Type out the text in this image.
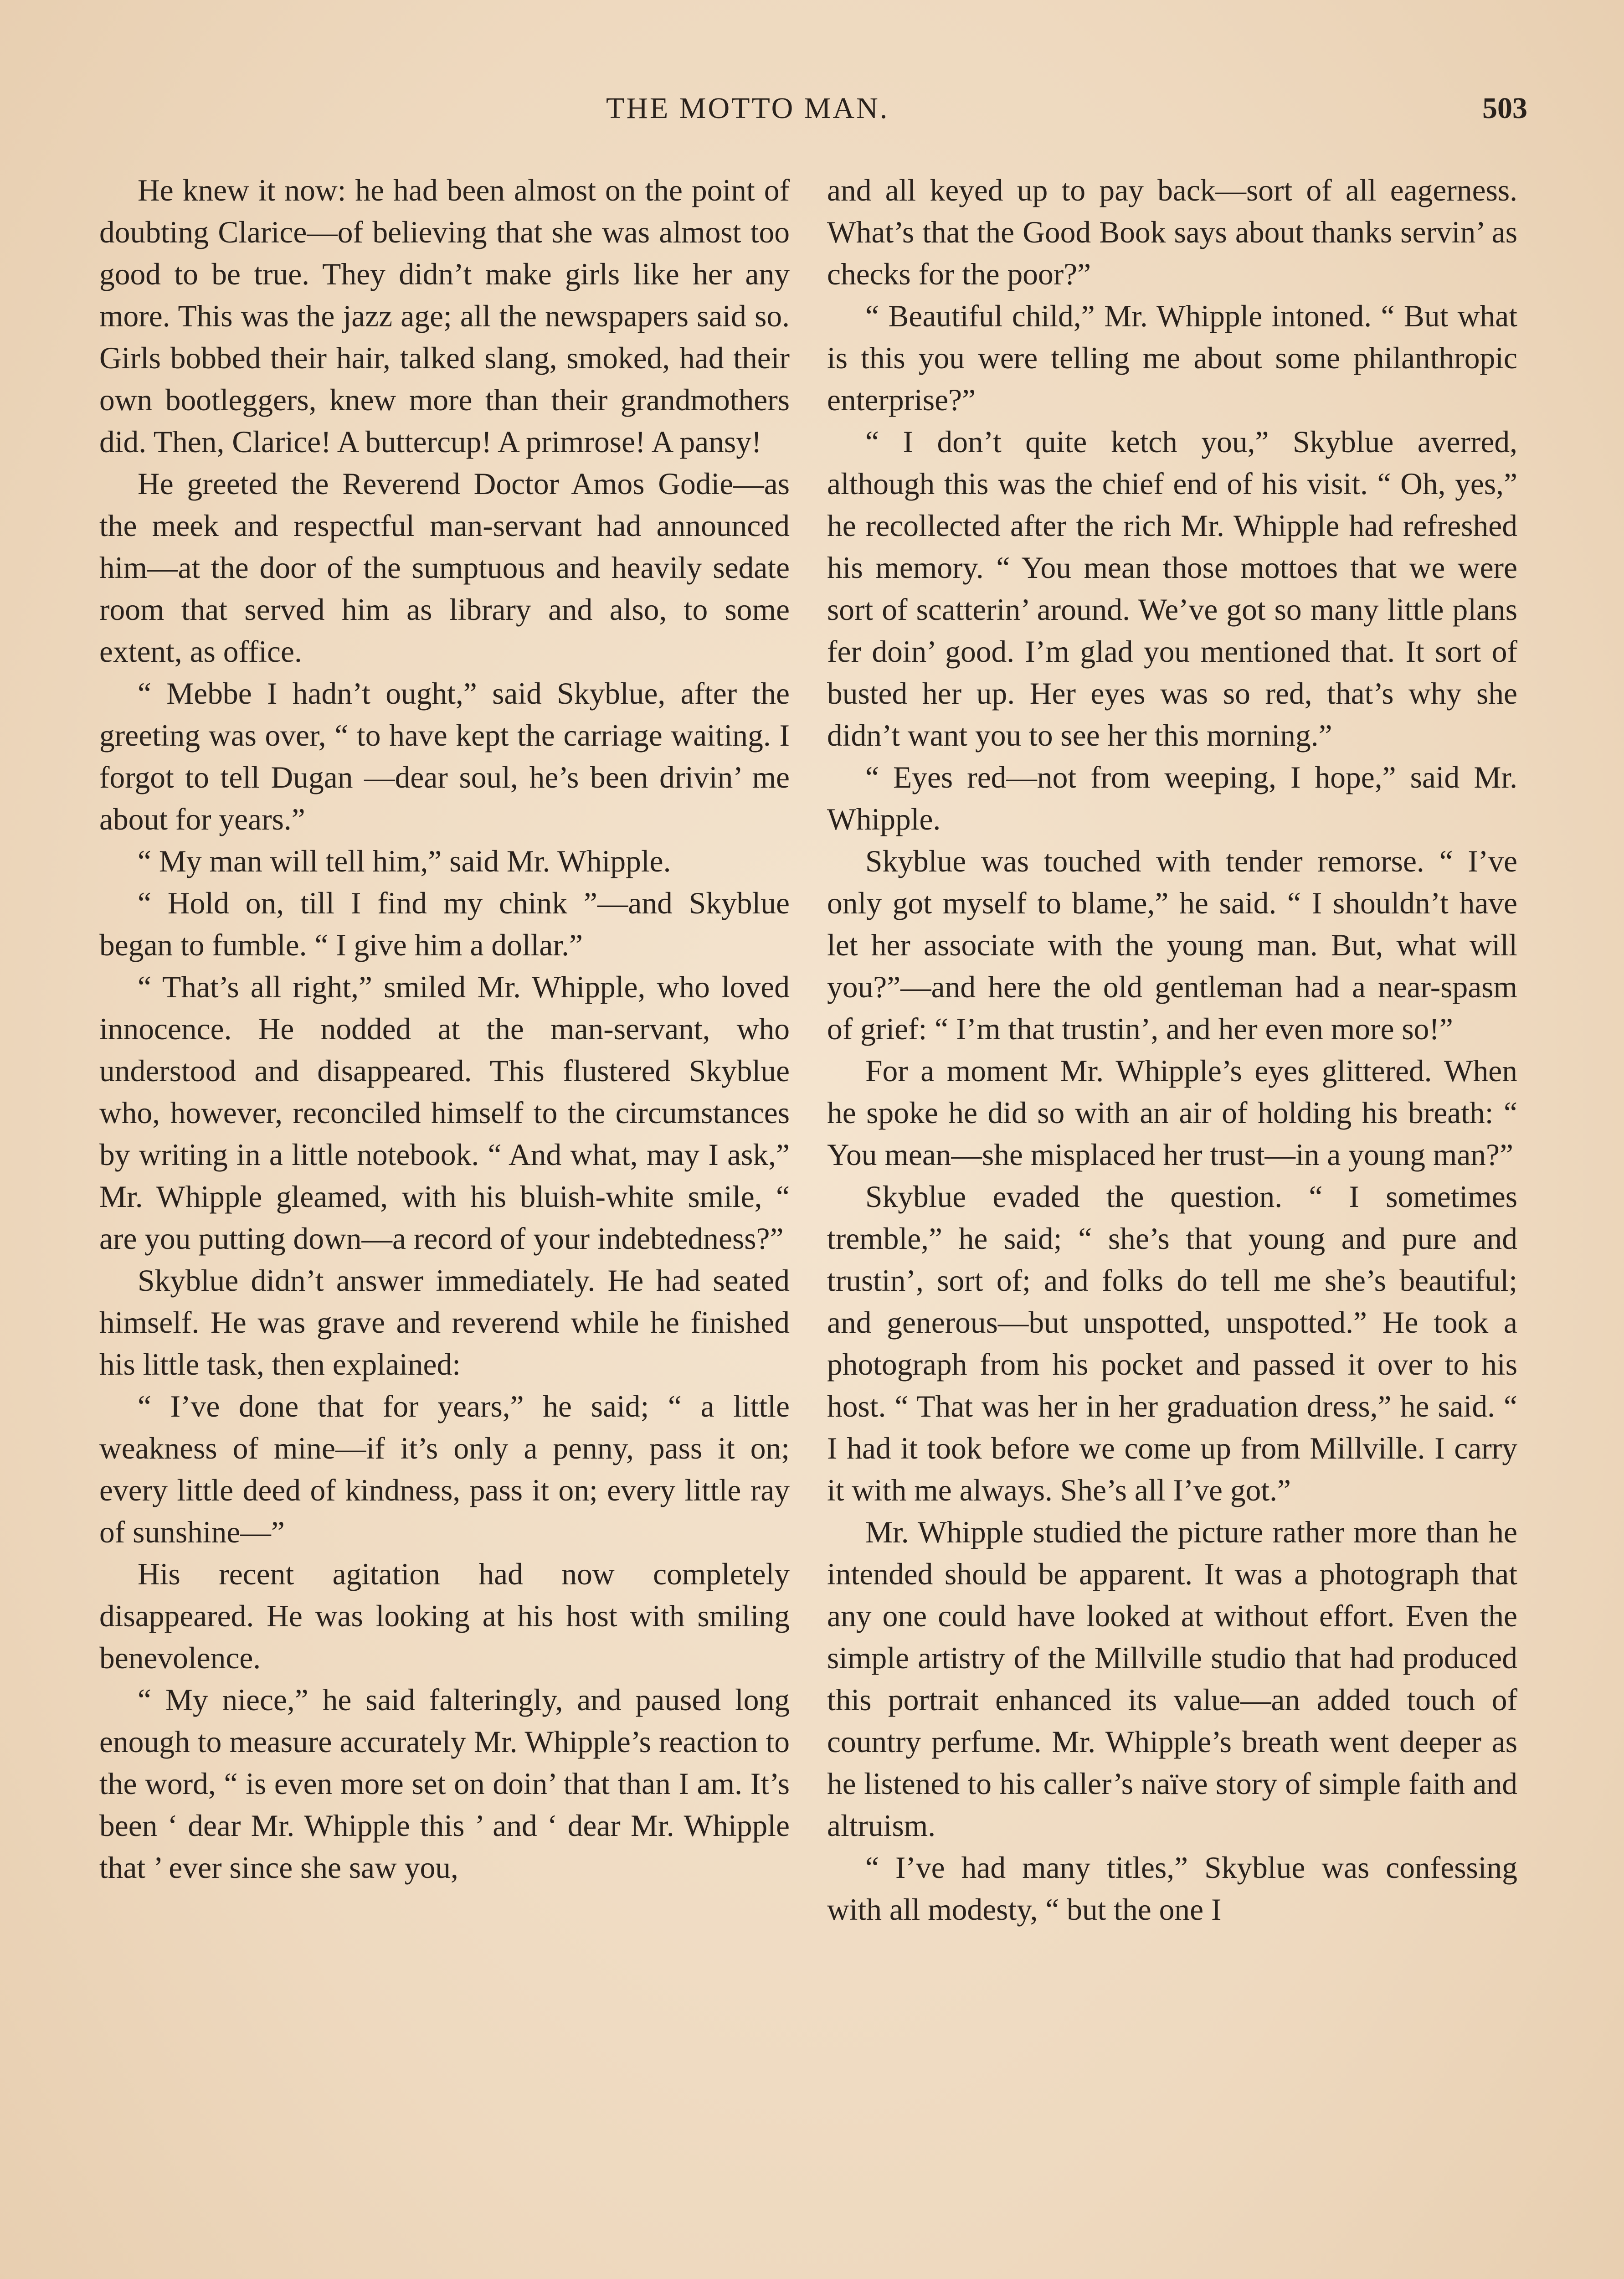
THE MOTTO MAN.	503

He knew it now: he had been almost on the point of doubting Clarice—of believing that she was almost too good to be true. They didn’t make girls like her any more. This was the jazz age; all the newspapers said so. Girls bobbed their hair, talked slang, smoked, had their own bootleggers, knew more than their grandmothers did. Then, Clarice! A buttercup! A primrose! A pansy!

He greeted the Reverend Doctor Amos Godie—as the meek and respectful man-servant had announced him—at the door of the sumptuous and heavily sedate room that served him as library and also, to some extent, as office.

“ Mebbe I hadn’t ought,” said Skyblue, after the greeting was over, “ to have kept the carriage waiting. I forgot to tell Dugan —dear soul, he’s been drivin’ me about for years.”

“ My man will tell him,” said Mr. Whipple.

“ Hold on, till I find my chink ”—and Skyblue began to fumble. “ I give him a dollar.”

“ That’s all right,” smiled Mr. Whipple, who loved innocence. He nodded at the man-servant, who understood and disappeared. This flustered Skyblue who, however, reconciled himself to the circumstances by writing in a little notebook. “ And what, may I ask,” Mr. Whipple gleamed, with his bluish-white smile, “ are you putting down—a record of your indebtedness?”

Skyblue didn’t answer immediately. He had seated himself. He was grave and reverend while he finished his little task, then explained:

“ I’ve done that for years,” he said; “ a little weakness of mine—if it’s only a penny, pass it on; every little deed of kindness, pass it on; every little ray of sunshine—”

His recent agitation had now completely disappeared. He was looking at his host with smiling benevolence.

“ My niece,” he said falteringly, and paused long enough to measure accurately Mr. Whipple’s reaction to the word, “ is even more set on doin’ that than I am. It’s been ‘ dear Mr. Whipple this ’ and ‘ dear Mr. Whipple that ’ ever since she saw you,

and all keyed up to pay back—sort of all eagerness. What’s that the Good Book says about thanks servin’ as checks for the poor?”

“ Beautiful child,” Mr. Whipple intoned. “ But what is this you were telling me about some philanthropic enterprise?”

“ I don’t quite ketch you,” Skyblue averred, although this was the chief end of his visit. “ Oh, yes,” he recollected after the rich Mr. Whipple had refreshed his memory. “ You mean those mottoes that we were sort of scatterin’ around. We’ve got so many little plans fer doin’ good. I’m glad you mentioned that. It sort of busted her up. Her eyes was so red, that’s why she didn’t want you to see her this morning.”

“ Eyes red—not from weeping, I hope,” said Mr. Whipple.

Skyblue was touched with tender remorse. “ I’ve only got myself to blame,” he said. “ I shouldn’t have let her associate with the young man. But, what will you?”—and here the old gentleman had a near-spasm of grief: “ I’m that trustin’, and her even more so!”

For a moment Mr. Whipple’s eyes glittered. When he spoke he did so with an air of holding his breath: “ You mean—she misplaced her trust—in a young man?”

Skyblue evaded the question. “ I sometimes tremble,” he said; “ she’s that young and pure and trustin’, sort of; and folks do tell me she’s beautiful; and generous—but unspotted, unspotted.” He took a photograph from his pocket and passed it over to his host. “ That was her in her graduation dress,” he said. “ I had it took before we come up from Millville. I carry it with me always. She’s all I’ve got.”

Mr. Whipple studied the picture rather more than he intended should be apparent. It was a photograph that any one could have looked at without effort. Even the simple artistry of the Millville studio that had produced this portrait enhanced its value—an added touch of country perfume. Mr. Whipple’s breath went deeper as he listened to his caller’s naïve story of simple faith and altruism.

“ I’ve had many titles,” Skyblue was confessing with all modesty, “ but the one I
